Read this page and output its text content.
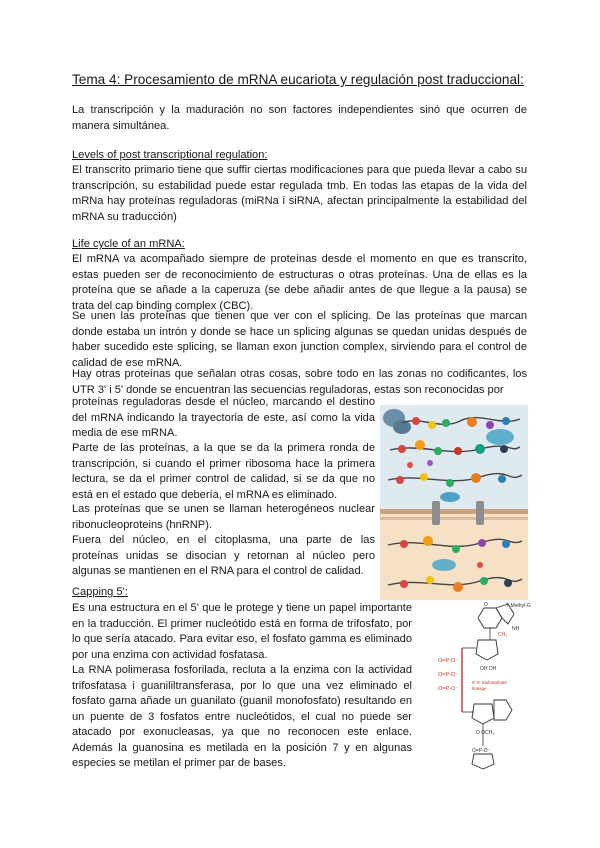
Tema 4: Procesamiento de mRNA eucariota y regulación post traduccional:
La transcripción y la maduración no son factores independientes sinó que ocurren de manera simultánea.
Levels of post transcriptional regulation:
El transcrito primario tiene que suffir ciertas modificaciones para que pueda llevar a cabo su transcripción, su estabilidad puede estar regulada tmb. En todas las etapas de la vida del mRNa hay proteínas reguladoras (miRNa i siRNA, afectan principalmente la estabilidad del mRNA su traducción)
Life cycle of an mRNA:
El mRNA va acompañado siempre de proteínas desde el momento en que es transcrito, estas pueden ser de reconocimiento de estructuras o otras proteínas. Una de ellas es la proteína que se añade a la caperuza (se debe añadir antes de que llegue a la pausa) se trata del cap binding complex (CBC).
Se unen las proteínas que tienen que ver con el splicing. De las proteínas que marcan donde estaba un intrón y donde se hace un splicing algunas se quedan unidas después de haber sucedido este splicing, se llaman exon junction complex, sirviendo para el control de calidad de ese mRNA.
Hay otras proteínas que señalan otras cosas, sobre todo en las zonas no codificantes, los UTR 3' i 5' donde se encuentran las secuencias reguladoras, estas son reconocidas por
proteínas reguladoras desde el núcleo, marcando el destino del mRNA indicando la trayectoria de este, así como la vida media de ese mRNA.
Parte de las proteínas, a la que se da la primera ronda de transcripción, si cuando el primer ribosoma hace la primera lectura, se da el primer control de calidad, si se da que no está en el estado que debería, el mRNA es eliminado.
Las proteínas que se unen se llaman heterogéneos nuclear ribonucleoproteins (hnRNP).
Fuera del núcleo, en el citoplasma, una parte de las proteínas unidas se disocian y retornan al núcleo pero algunas se mantienen en el RNA para el control de calidad.
Capping 5':
Es una estructura en el 5' que le protege y tiene un papel importante en la traducción. El primer nucleótido está en forma de trifosfato, por lo que sería atacado. Para evitar eso, el fosfato gamma es eliminado por una enzima con actividad fosfatasa.
La RNA polimerasa fosforilada, recluta a la enzima con la actividad trifosfatasa i guanililtransferasa, por lo que una vez eliminado el fosfato gama añade un guanilato (guanil monofosfato) resultando en un puente de 3 fosfatos entre nucleótidos, el cual no puede ser atacado por exonucleasas, ya que no reconocen este enlace. Además la guanosina es metilada en la posición 7 y en algunas especies se metilan el primer par de bases.
O
NH
CH₃
OH OH
O=P-O⁻
O=P-O⁻
O=P-O⁻
5'-5' triphosphate
linkage
O OCH₃
O=P-O⁻
7-Methyl-G
